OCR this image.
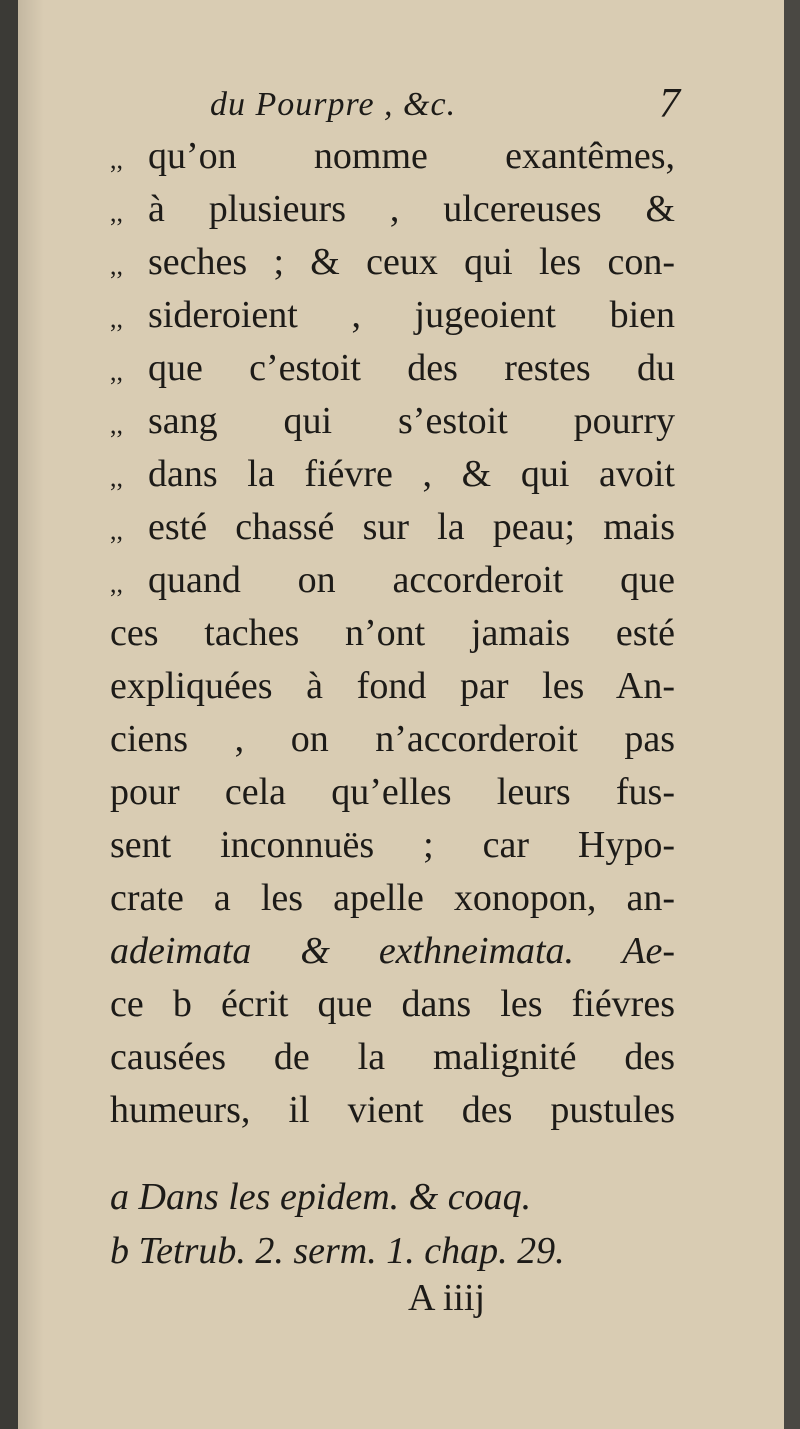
du Pourpre , &c.	7
,, qu’on nomme exantêmes,
,, à plusieurs , ulcereuses &
,, seches ; & ceux qui les con-
,, sideroient , jugeoient bien
,, que c’estoit des restes du
,, sang qui s’estoit pourry
,, dans la fiévre , & qui avoit
,, esté chassé sur la peau; mais
,, quand on accorderoit que
ces taches n’ont jamais esté
expliquées à fond par les An-
ciens , on n’accorderoit pas
pour cela qu’elles leurs fus-
sent inconnuës ; car Hypo-
crate a les apelle xonopon, an-
adeimata & exthneimata. Ae-
ce b écrit que dans les fiévres
causées de la malignité des
humeurs, il vient des pustules
a Dans les epidem. & coaq.
b Tetrub. 2. serm. 1. chap. 29.
A iiij
